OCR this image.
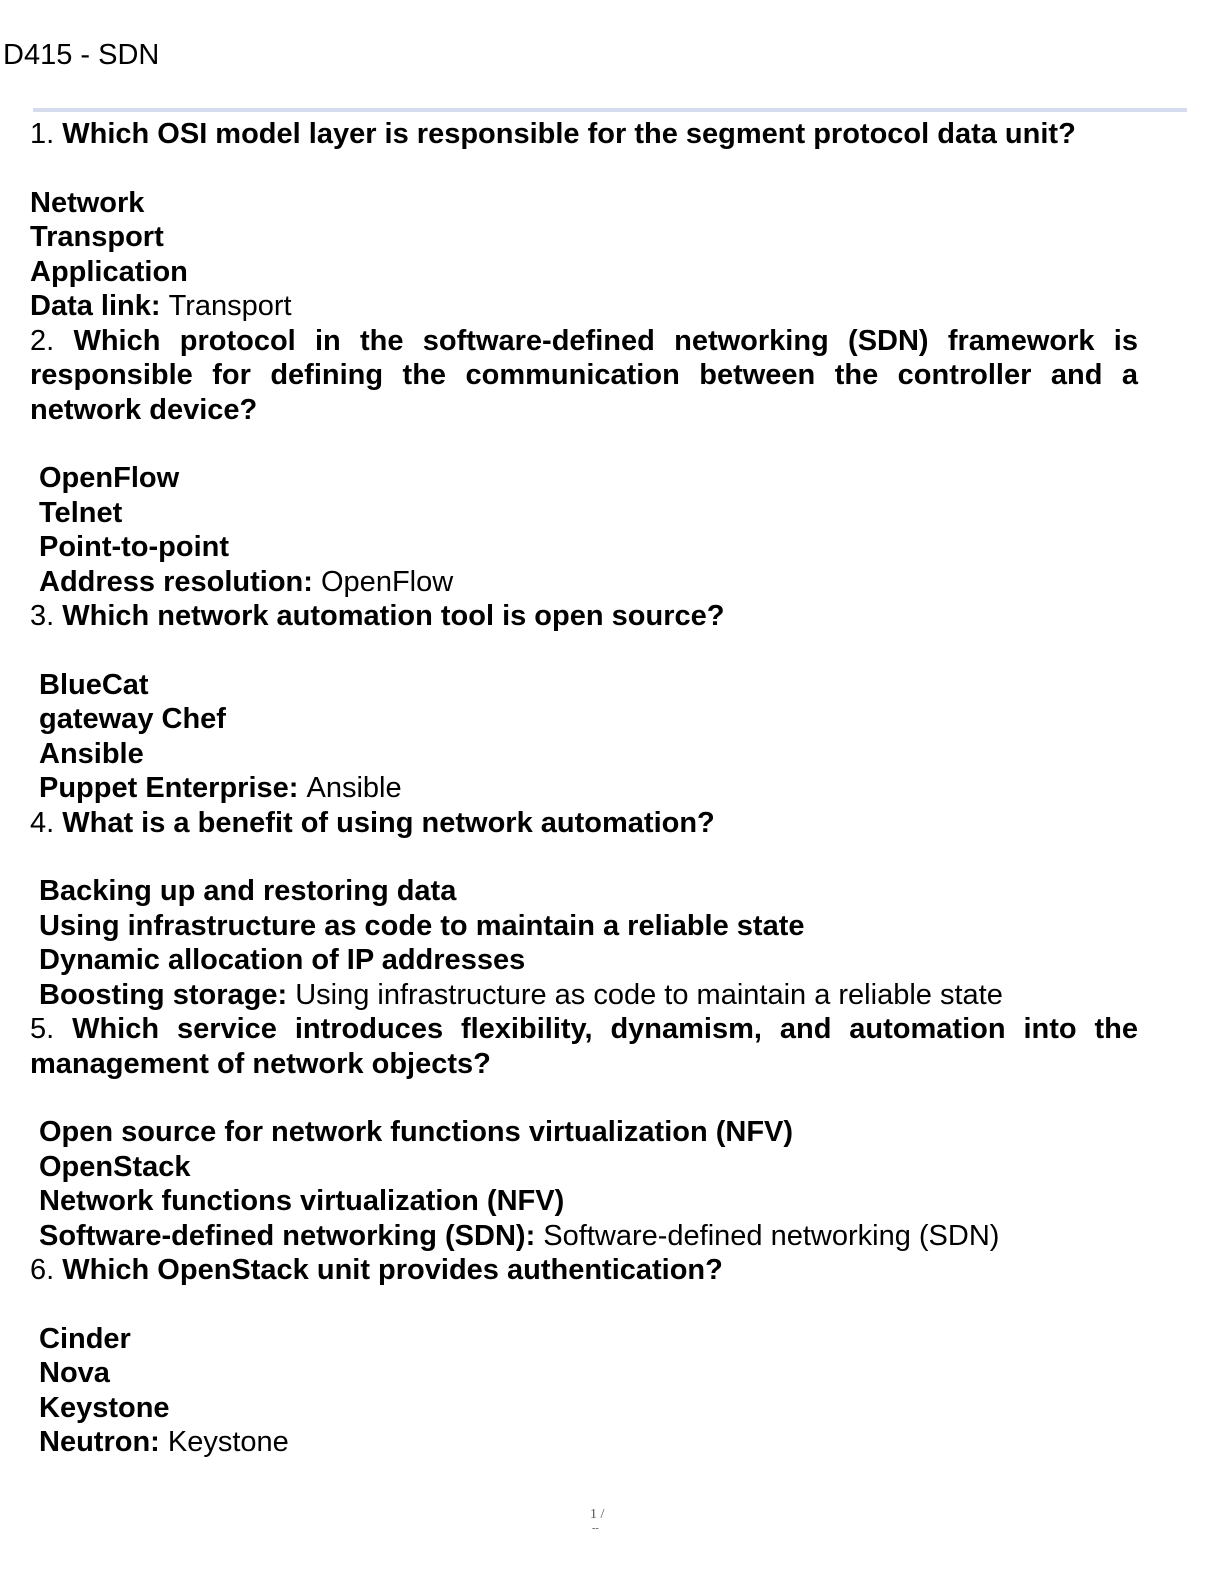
D415 - SDN

1. Which OSI model layer is responsible for the segment protocol data unit?

Network
Transport
Application
Data link: Transport

2. Which protocol in the software-defined networking (SDN) framework is responsible for defining the communication between the controller and a network device?

OpenFlow
Telnet
Point-to-point
Address resolution: OpenFlow

3. Which network automation tool is open source?

BlueCat
gateway Chef
Ansible
Puppet Enterprise: Ansible

4. What is a benefit of using network automation?

Backing up and restoring data
Using infrastructure as code to maintain a reliable state
Dynamic allocation of IP addresses
Boosting storage: Using infrastructure as code to maintain a reliable state

5. Which service introduces flexibility, dynamism, and automation into the management of network objects?

Open source for network functions virtualization (NFV)
OpenStack
Network functions virtualization (NFV)
Software-defined networking (SDN): Software-defined networking (SDN)

6. Which OpenStack unit provides authentication?

Cinder
Nova
Keystone
Neutron: Keystone
1 /
--
